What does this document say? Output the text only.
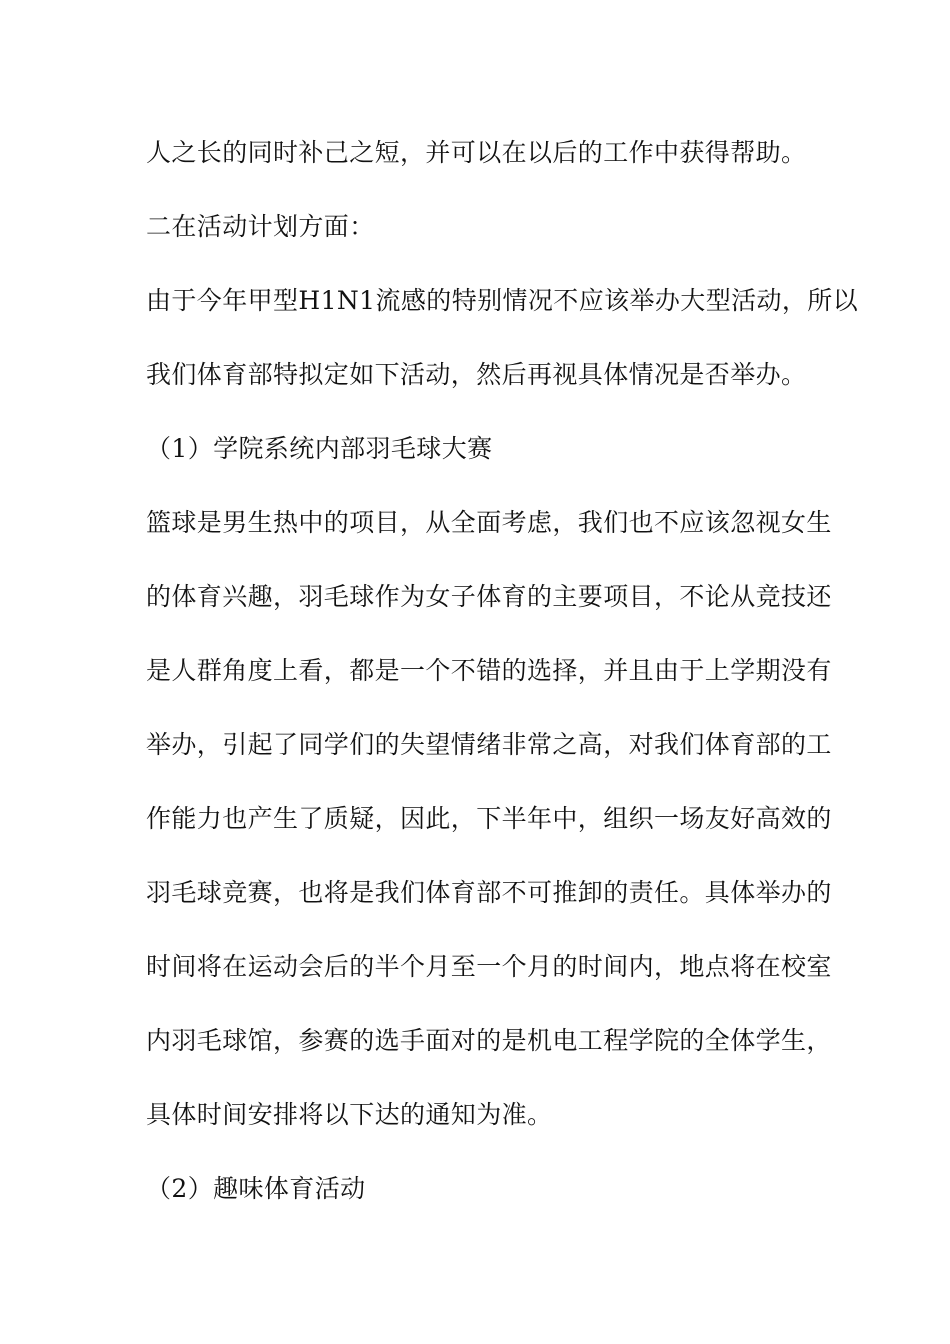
人之长的同时补己之短，并可以在以后的工作中获得帮助。
二在活动计划方面：
由于今年甲型H1N1流感的特别情况不应该举办大型活动，所以
我们体育部特拟定如下活动，然后再视具体情况是否举办。
（1）学院系统内部羽毛球大赛
篮球是男生热中的项目，从全面考虑，我们也不应该忽视女生
的体育兴趣，羽毛球作为女子体育的主要项目，不论从竞技还
是人群角度上看，都是一个不错的选择，并且由于上学期没有
举办，引起了同学们的失望情绪非常之高，对我们体育部的工
作能力也产生了质疑，因此，下半年中，组织一场友好高效的
羽毛球竞赛，也将是我们体育部不可推卸的责任。具体举办的
时间将在运动会后的半个月至一个月的时间内，地点将在校室
内羽毛球馆，参赛的选手面对的是机电工程学院的全体学生，
具体时间安排将以下达的通知为准。
（2）趣味体育活动
